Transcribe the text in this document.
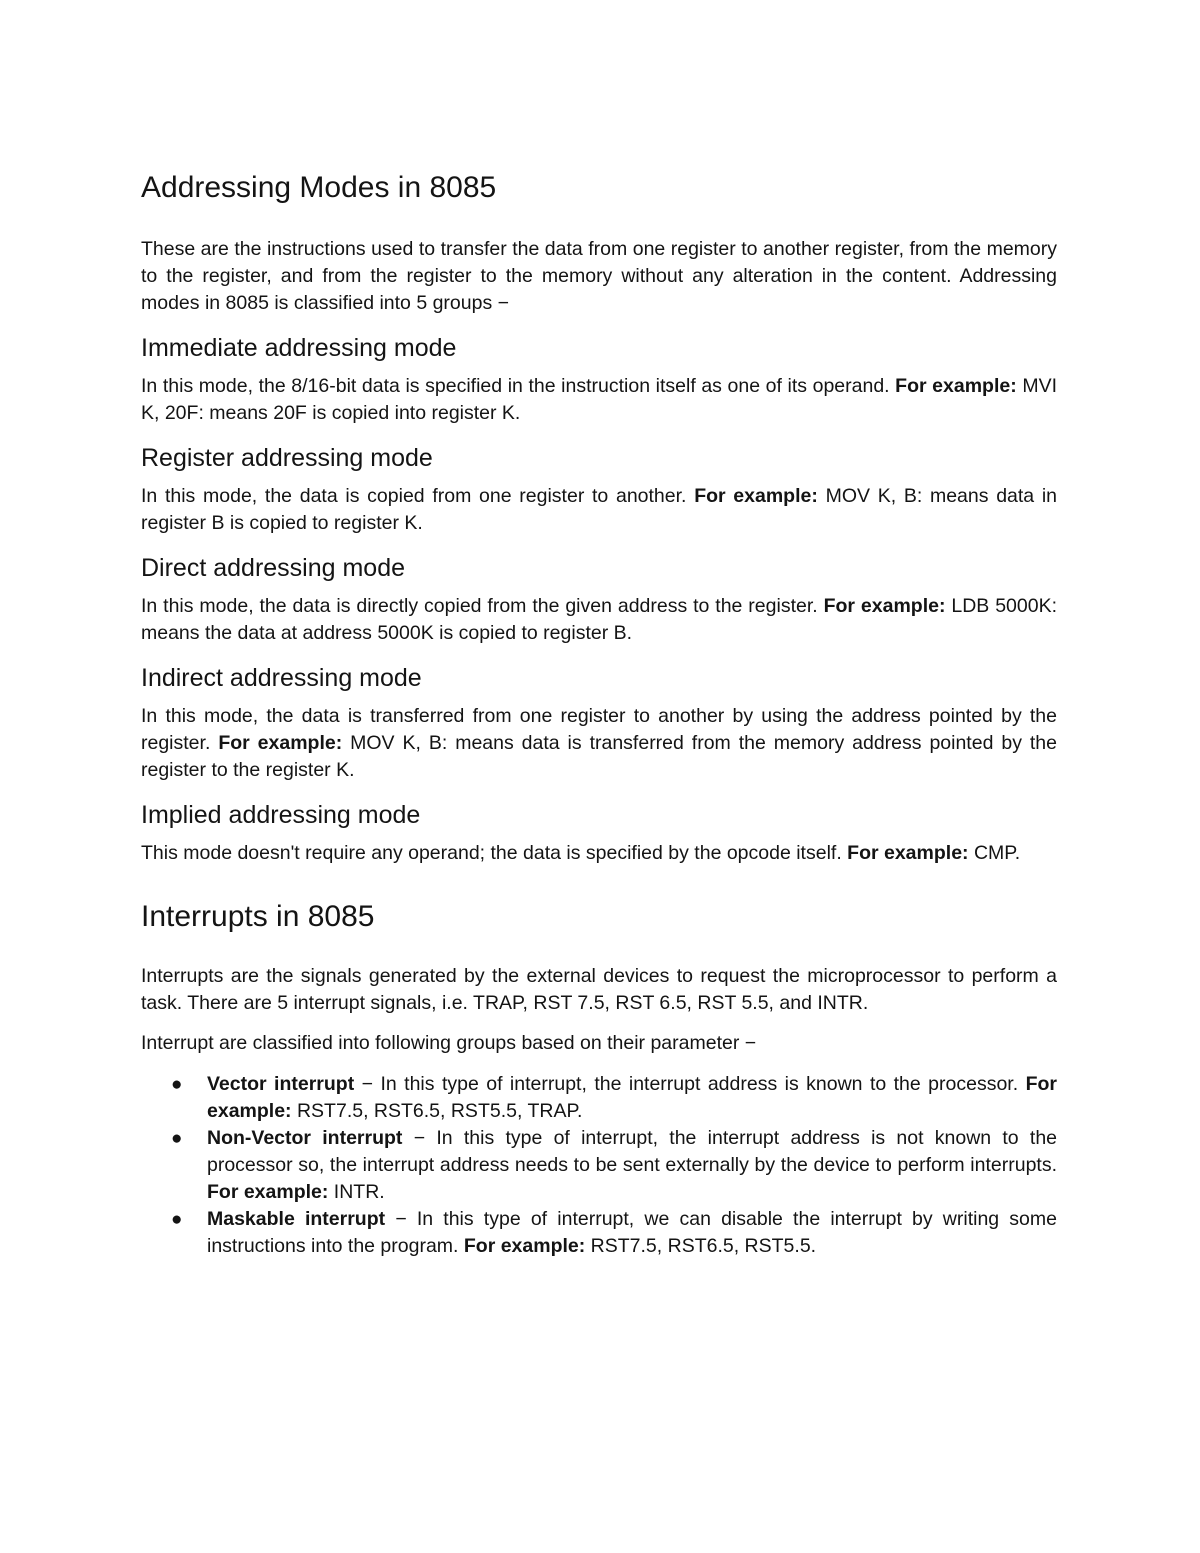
Addressing Modes in 8085

These are the instructions used to transfer the data from one register to another register, from the memory to the register, and from the register to the memory without any alteration in the content. Addressing modes in 8085 is classified into 5 groups −

Immediate addressing mode

In this mode, the 8/16-bit data is specified in the instruction itself as one of its operand. For example: MVI K, 20F: means 20F is copied into register K.

Register addressing mode

In this mode, the data is copied from one register to another. For example: MOV K, B: means data in register B is copied to register K.

Direct addressing mode

In this mode, the data is directly copied from the given address to the register. For example: LDB 5000K: means the data at address 5000K is copied to register B.

Indirect addressing mode

In this mode, the data is transferred from one register to another by using the address pointed by the register. For example: MOV K, B: means data is transferred from the memory address pointed by the register to the register K.

Implied addressing mode

This mode doesn't require any operand; the data is specified by the opcode itself. For example: CMP.

Interrupts in 8085

Interrupts are the signals generated by the external devices to request the microprocessor to perform a task. There are 5 interrupt signals, i.e. TRAP, RST 7.5, RST 6.5, RST 5.5, and INTR.

Interrupt are classified into following groups based on their parameter −

● Vector interrupt − In this type of interrupt, the interrupt address is known to the processor. For example: RST7.5, RST6.5, RST5.5, TRAP.
● Non-Vector interrupt − In this type of interrupt, the interrupt address is not known to the processor so, the interrupt address needs to be sent externally by the device to perform interrupts. For example: INTR.
● Maskable interrupt − In this type of interrupt, we can disable the interrupt by writing some instructions into the program. For example: RST7.5, RST6.5, RST5.5.
